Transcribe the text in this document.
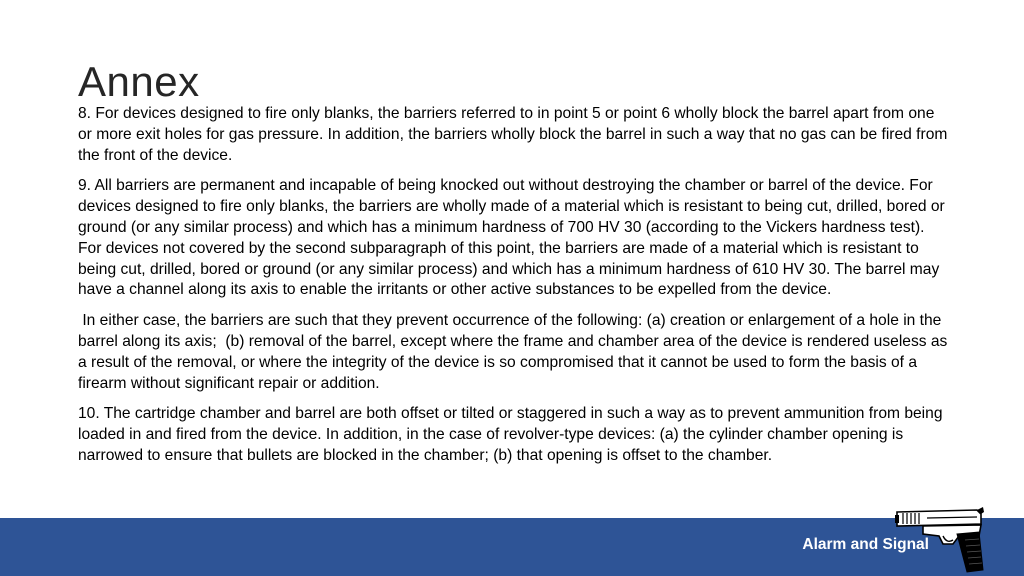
Annex

8. For devices designed to fire only blanks, the barriers referred to in point 5 or point 6 wholly block the barrel apart from one or more exit holes for gas pressure. In addition, the barriers wholly block the barrel in such a way that no gas can be fired from the front of the device.

9. All barriers are permanent and incapable of being knocked out without destroying the chamber or barrel of the device. For devices designed to fire only blanks, the barriers are wholly made of a material which is resistant to being cut, drilled, bored or ground (or any similar process) and which has a minimum hardness of 700 HV 30 (according to the Vickers hardness test). For devices not covered by the second subparagraph of this point, the barriers are made of a material which is resistant to being cut, drilled, bored or ground (or any similar process) and which has a minimum hardness of 610 HV 30. The barrel may have a channel along its axis to enable the irritants or other active substances to be expelled from the device.

In either case, the barriers are such that they prevent occurrence of the following: (a) creation or enlargement of a hole in the barrel along its axis;  (b) removal of the barrel, except where the frame and chamber area of the device is rendered useless as a result of the removal, or where the integrity of the device is so compromised that it cannot be used to form the basis of a firearm without significant repair or addition.

10. The cartridge chamber and barrel are both offset or tilted or staggered in such a way as to prevent ammunition from being loaded in and fired from the device. In addition, in the case of revolver-type devices: (a) the cylinder chamber opening is narrowed to ensure that bullets are blocked in the chamber; (b) that opening is offset to the chamber.

Alarm and Signal
